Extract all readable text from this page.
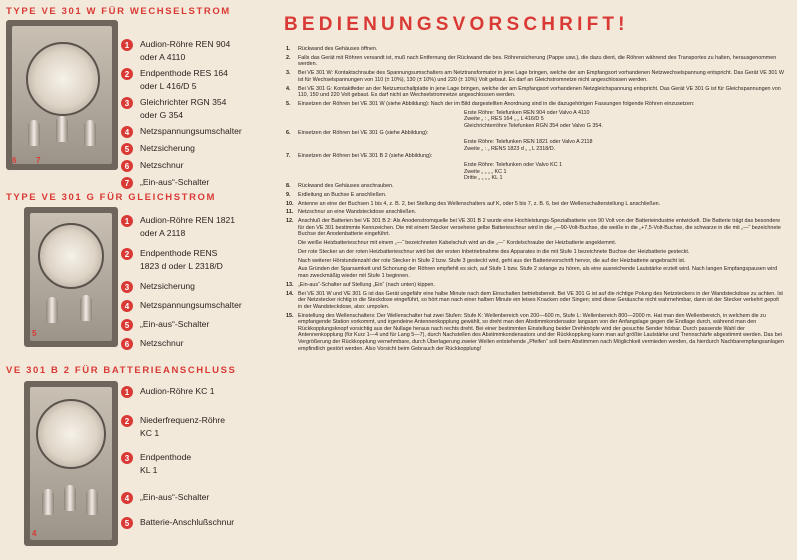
TYPE VE 301 W FÜR WECHSELSTROM
6 7
1	Audion-Röhre REN 904
oder A 4110
2	Endpenthode RES 164
oder L 416/D 5
3	Gleichrichter RGN 354
oder G 354
4	Netzspannungsumschalter
5	Netzsicherung
6	Netzschnur
7	„Ein-aus“-Schalter
TYPE VE 301 G FÜR GLEICHSTROM
5
1	Audion-Röhre REN 1821
oder A 2118
2	Endpenthode RENS
1823 d oder L 2318/D
3	Netzsicherung
4	Netzspannungsumschalter
5	„Ein-aus“-Schalter
6	Netzschnur
VE 301 B 2 FÜR BATTERIEANSCHLUSS
4
1	Audion-Röhre KC 1
2	Niederfrequenz-Röhre
KC 1
3	Endpenthode
KL 1
4	„Ein-aus“-Schalter
5	Batterie-Anschlußschnur
BEDIENUNGSVORSCHRIFT!
1.	Rückwand des Gehäuses öffnen.
2.	Falls das Gerät mit Röhren versandt ist, muß nach Entfernung der Rückwand die bes. Röhrensicherung (Pappe usw.), die dazu dient, die Röhren während des Transportes zu halten, herausgenommen werden.
3.	Bei VE 301 W: Kontaktschraube des Spannungsumschalters am Netztransformator in jene Lage bringen, welche der am Empfangsort vorhandenen Netzwechselspannung entspricht. Das Gerät VE 301 W ist für Wechselspannungen von 110 (± 10%), 130 (± 10%) und 220 (± 10%) Volt gebaut. Es darf an Gleichstromnetze nicht angeschlossen werden.
4.	Bei VE 301 G: Kontaktfeder an der Netzumschaltplatte in jene Lage bringen, welche der am Empfangsort vorhandenen Netzgleichspannung entspricht. Das Gerät VE 301 G ist für Gleichspannungen von 110, 150 und 220 Volt gebaut. Es darf nicht an Wechselstromnetze angeschlossen werden.
5.	Einsetzen der Röhren bei VE 301 W (siehe Abbildung): Nach der im Bild dargestellten Anordnung sind in die dazugehörigen Fassungen folgende Röhren einzusetzen:
Erste Röhre: Telefunken REN 904 oder Valvo A 4110
Zweite „ : „ RES 164 „ „ L 416/D 5
Gleichrichterröhre Telefunken RGN 354 oder Valvo G 354.
6.	Einsetzen der Röhren bei VE 301 G (siehe Abbildung):
Erste Röhre: Telefunken REN 1821 oder Valvo A 2118
Zweite „ : „ RENS 1823 d „ „ L 2318/D.
7.	Einsetzen der Röhren bei VE 301 B 2 (siehe Abbildung):
Erste Röhre: Telefunken oder Valvo KC 1
Zweite „ „ „ „ KC 1
Dritte „ „ „ „ KL 1
8.	Rückwand des Gehäuses anschrauben.
9.	Erdleitung an Buchse E anschließen.
10. Antenne an eine der Buchsen 1 bis 4, z. B. 2, bei Stellung des Wellenschalters auf K, oder 5 bis 7, z. B. 6, bei der Wellenschalterstellung L anschließen.
11. Netzschnur an eine Wandsteckdose anschließen.
12. Anschluß der Batterien bei VE 301 B 2: Als Anodenstromquelle bei VE 301 B 2 wurde eine Hochleistungs-Spezialbatterie von 90 Volt von der Batterieindustrie entwickelt. Die Batterie trägt das besondere für den VE 301 bestimmte Kennzeichen. Die mit einem Stecker versehene gelbe Batterieschnur wird in die „—90-Volt-Buchse, die weiße in die „+7,5-Volt-Buchse, die schwarze in die mit „—“ bezeichnete Buchse der Anodenbatterie eingeführt.
Die weiße Heizbatterieschnur mit einem „—“ bezeichneten Kabelschuh wird an die „—“ Kordelschraube der Heizbatterie angeklemmt.
Der rote Stecker an der roten Heizbatterieschnur wird bei der ersten Inbetriebnahme des Apparates in die mit Stufe 1 bezeichnete Buchse der Heizbatterie gesteckt.
Nach weiterer Hörstundenzahl der rote Stecker in Stufe 2 bzw. Stufe 3 gesteckt wird, geht aus der Batterievorschrift hervor, die auf der Heizbatterie angebracht ist.
Aus Gründen der Sparsamkeit und Schonung der Röhren empfiehlt es sich, auf Stufe 1 bzw. Stufe 2 solange zu hören, als eine ausreichende Lautstärke erzielt wird. Nach langen Empfangspausen wird man zweckmäßig wieder mit Stufe 1 beginnen.
13. „Ein-aus“-Schalter auf Stellung „Ein“ (nach unten) kippen.
14. Bei VE 301 W und VE 301 G ist das Gerät ungefähr eine halbe Minute nach dem Einschalten betriebsbereit. Bei VE 301 G ist auf die richtige Polung des Netzsteckers in der Wandsteckdose zu achten. Ist der Netzstecker richtig in die Steckdose eingeführt, so hört man nach einer halben Minute ein leises Knacken oder Singen; sind diese Geräusche nicht wahrnehmbar, dann ist der Stecker verkehrt gepolt in der Wandsteckdose, also: umpolen.
15. Einstellung des Wellenschalters: Der Wellenschalter hat zwei Stufen: Stufe K: Wellenbereich von 200—600 m, Stufe L: Wellenbereich 800—2000 m. Hat man den Wellenbereich, in welchem die zu empfangende Station vorkommt, und irgendeine Antennenkopplung gewählt, so dreht man den Abstimmkondensator langsam von der Anfangslage gegen die Endlage durch, während man den Rückkopplungsknopf vorsichtig aus der Nullage heraus nach rechts dreht. Bei einer bestimmten Einstellung beider Drehknöpfe wird der gesuchte Sender hörbar. Durch passende Wahl der Antennenkopplung (für Kurz 1—4 und für Lang 5—7), durch Nachstellen des Abstimmkondensators und der Rückkopplung kann man auf größte Lautstärke und Trennschärfe abgestimmt werden. Das bei Vergrößerung der Rückkopplung vernehmbare, durch Überlagerung zweier Wellen entstehende „Pfeifen“ soll beim Abstimmen nach Möglichkeit vermieden werden, da hierdurch Nachbarempfangsanlagen empfindlich gestört werden. Also Vorsicht beim Gebrauch der Rückkopplung!
